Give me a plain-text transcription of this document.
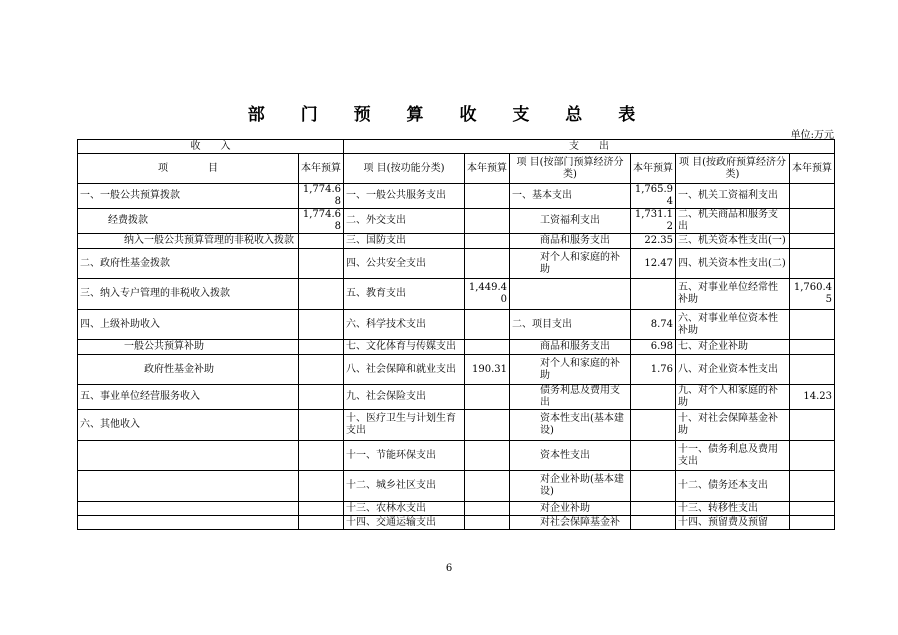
部 门 预 算 收 支 总 表
单位:万元
收　　入		支　　出					
项　　　　目	本年预算	项 目(按功能分类)	本年预算	项 目(按部门预算经济分类)	本年预算	项 目(按政府预算经济分类)	本年预算
一、一般公共预算拨款	1,774.68	一、一般公共服务支出		一、基本支出	1,765.94	一、机关工资福利支出	
经费拨款	1,774.68	二、外交支出		工资福利支出	1,731.12	二、机关商品和服务支出	
纳入一般公共预算管理的非税收入拨款		三、国防支出		商品和服务支出	22.35	三、机关资本性支出(一)	
二、政府性基金拨款		四、公共安全支出		对个人和家庭的补助	12.47	四、机关资本性支出(二)	
三、纳入专户管理的非税收入拨款		五、教育支出	1,449.40			五、对事业单位经常性补助	1,760.45
四、上级补助收入		六、科学技术支出		二、项目支出	8.74	六、对事业单位资本性补助	
一般公共预算补助		七、文化体育与传媒支出		商品和服务支出	6.98	七、对企业补助	
政府性基金补助		八、社会保障和就业支出	190.31	对个人和家庭的补助	1.76	八、对企业资本性支出	
五、事业单位经营服务收入		九、社会保险支出		债务利息及费用支出		九、对个人和家庭的补助	14.23
六、其他收入		十、医疗卫生与计划生育支出		资本性支出(基本建设)		十、对社会保障基金补助	
		十一、节能环保支出		资本性支出		十一、债务利息及费用支出	
		十二、城乡社区支出		对企业补助(基本建设)		十二、债务还本支出	
		十三、农林水支出		对企业补助		十三、转移性支出	
		十四、交通运输支出		对社会保障基金补		十四、预留费及预留	
6
